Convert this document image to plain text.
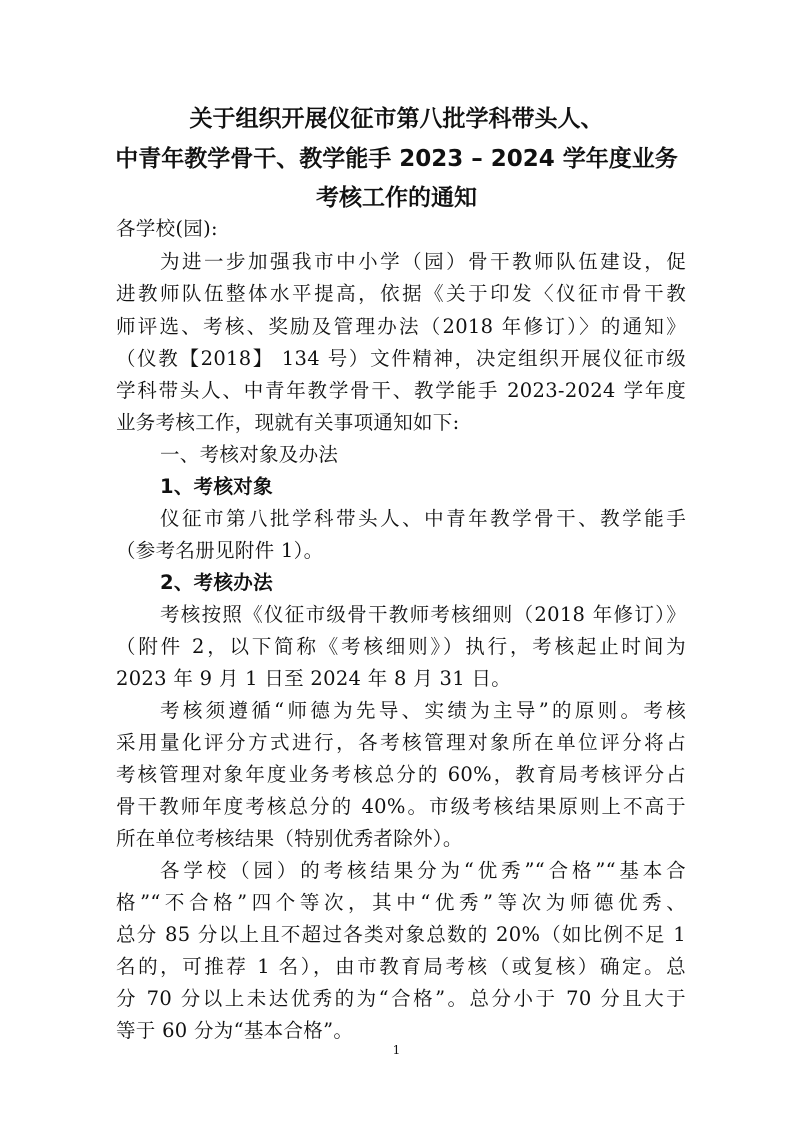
关于组织开展仪征市第八批学科带头人、
中青年教学骨干、教学能手 2023 – 2024 学年度业务
考核工作的通知
各学校(园):
为进一步加强我市中小学（园）骨干教师队伍建设，促
进教师队伍整体水平提高，依据《关于印发〈仪征市骨干教
师评选、考核、奖励及管理办法（2018 年修订）〉的通知》
（仪教【2018】 134 号）文件精神，决定组织开展仪征市级
学科带头人、中青年教学骨干、教学能手 2023-2024 学年度
业务考核工作，现就有关事项通知如下:
一、考核对象及办法
1、考核对象
仪征市第八批学科带头人、中青年教学骨干、教学能手
（参考名册见附件 1）。
2、考核办法
考核按照《仪征市级骨干教师考核细则（2018 年修订）》
（附件 2，以下简称《考核细则》）执行，考核起止时间为
2023 年 9 月 1 日至 2024 年 8 月 31 日。
考核须遵循“师德为先导、实绩为主导”的原则。考核
采用量化评分方式进行，各考核管理对象所在单位评分将占
考核管理对象年度业务考核总分的 60%，教育局考核评分占
骨干教师年度考核总分的 40%。市级考核结果原则上不高于
所在单位考核结果（特别优秀者除外）。
各学校（园）的考核结果分为“优秀”“合格”“基本合
格”“不合格”四个等次，其中“优秀”等次为师德优秀、
总分 85 分以上且不超过各类对象总数的 20%（如比例不足 1
名的，可推荐 1 名），由市教育局考核（或复核）确定。总
分 70 分以上未达优秀的为“合格”。总分小于 70 分且大于
等于 60 分为“基本合格”。
1
